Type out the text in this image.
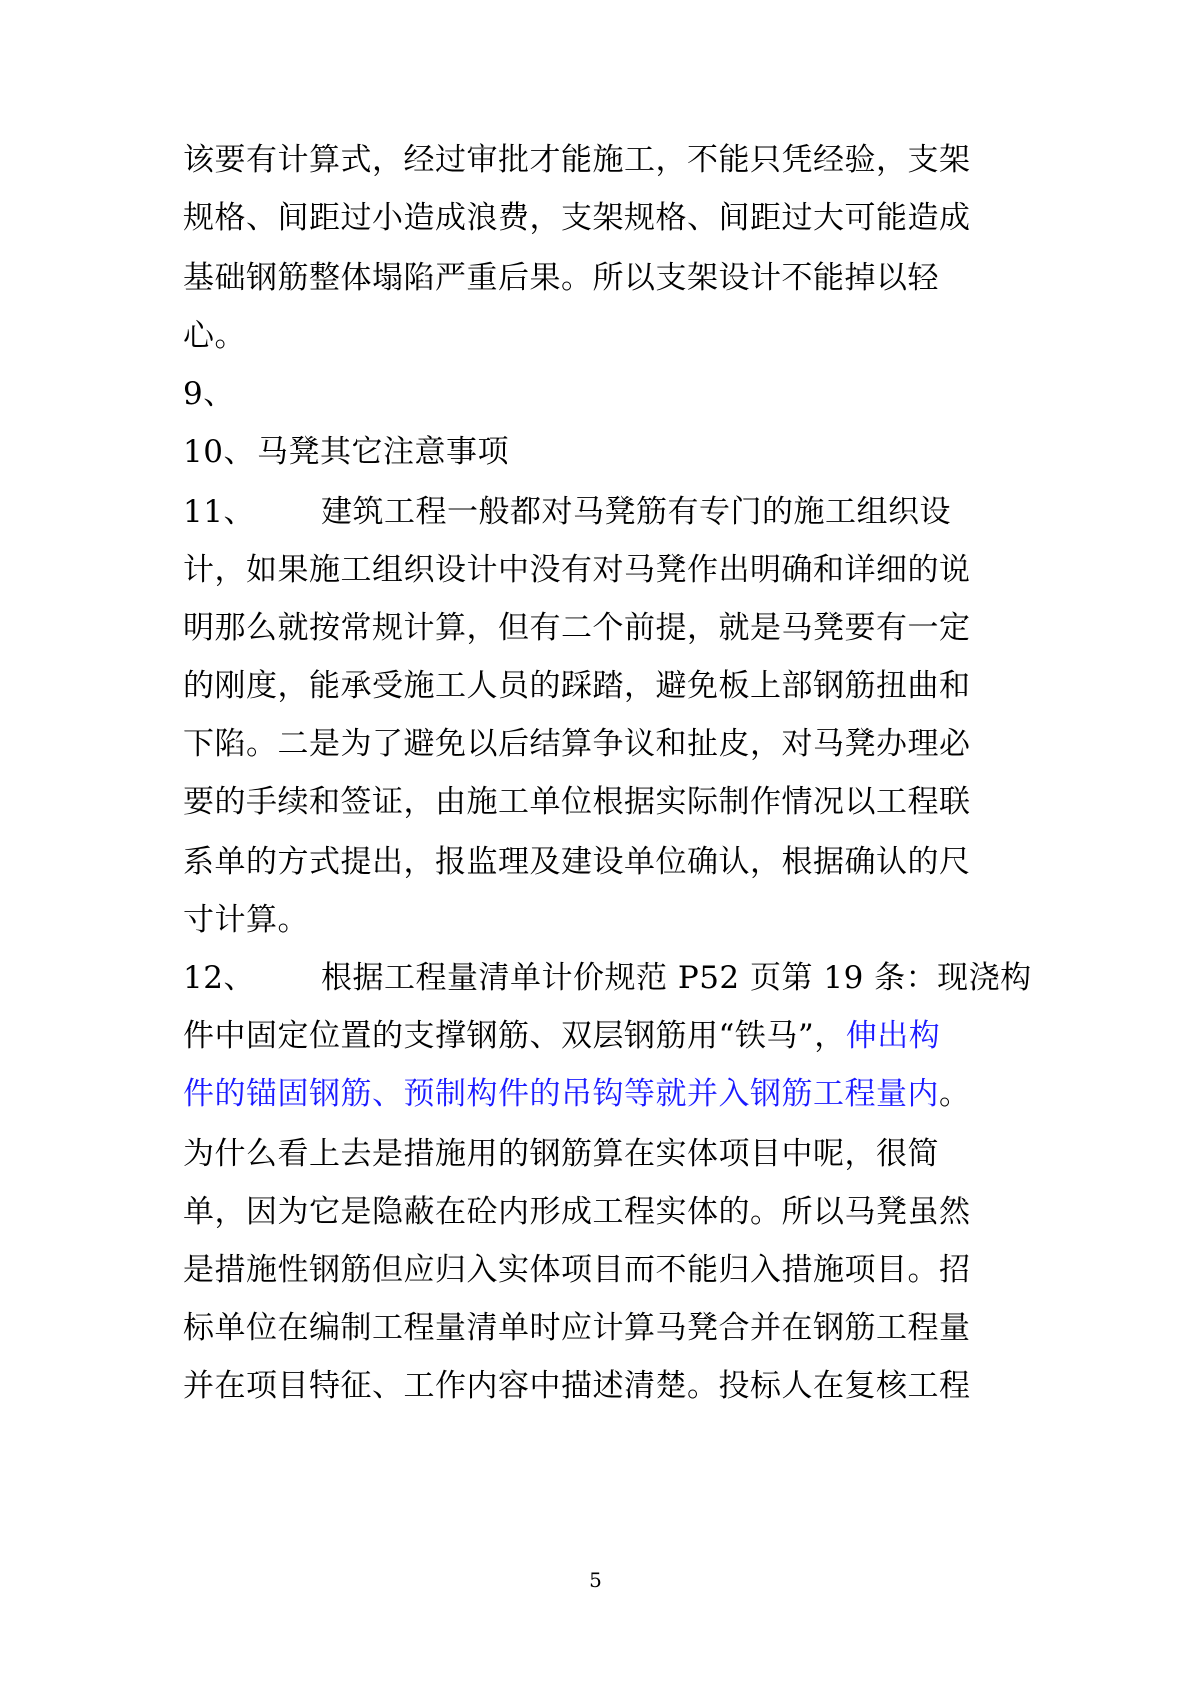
该要有计算式，经过审批才能施工，不能只凭经验，支架
规格、间距过小造成浪费，支架规格、间距过大可能造成
基础钢筋整体塌陷严重后果。所以支架设计不能掉以轻
心。
9、
10、马凳其它注意事项
11、 建筑工程一般都对马凳筋有专门的施工组织设
计，如果施工组织设计中没有对马凳作出明确和详细的说
明那么就按常规计算，但有二个前提，就是马凳要有一定
的刚度，能承受施工人员的踩踏，避免板上部钢筋扭曲和
下陷。二是为了避免以后结算争议和扯皮，对马凳办理必
要的手续和签证，由施工单位根据实际制作情况以工程联
系单的方式提出，报监理及建设单位确认，根据确认的尺
寸计算。
12、 根据工程量清单计价规范 P52 页第 19 条：现浇构
件中固定位置的支撑钢筋、双层钢筋用“铁马”，伸出构
件的锚固钢筋、预制构件的吊钩等就并入钢筋工程量内。
为什么看上去是措施用的钢筋算在实体项目中呢，很简
单，因为它是隐蔽在砼内形成工程实体的。所以马凳虽然
是措施性钢筋但应归入实体项目而不能归入措施项目。招
标单位在编制工程量清单时应计算马凳合并在钢筋工程量
并在项目特征、工作内容中描述清楚。投标人在复核工程
5
